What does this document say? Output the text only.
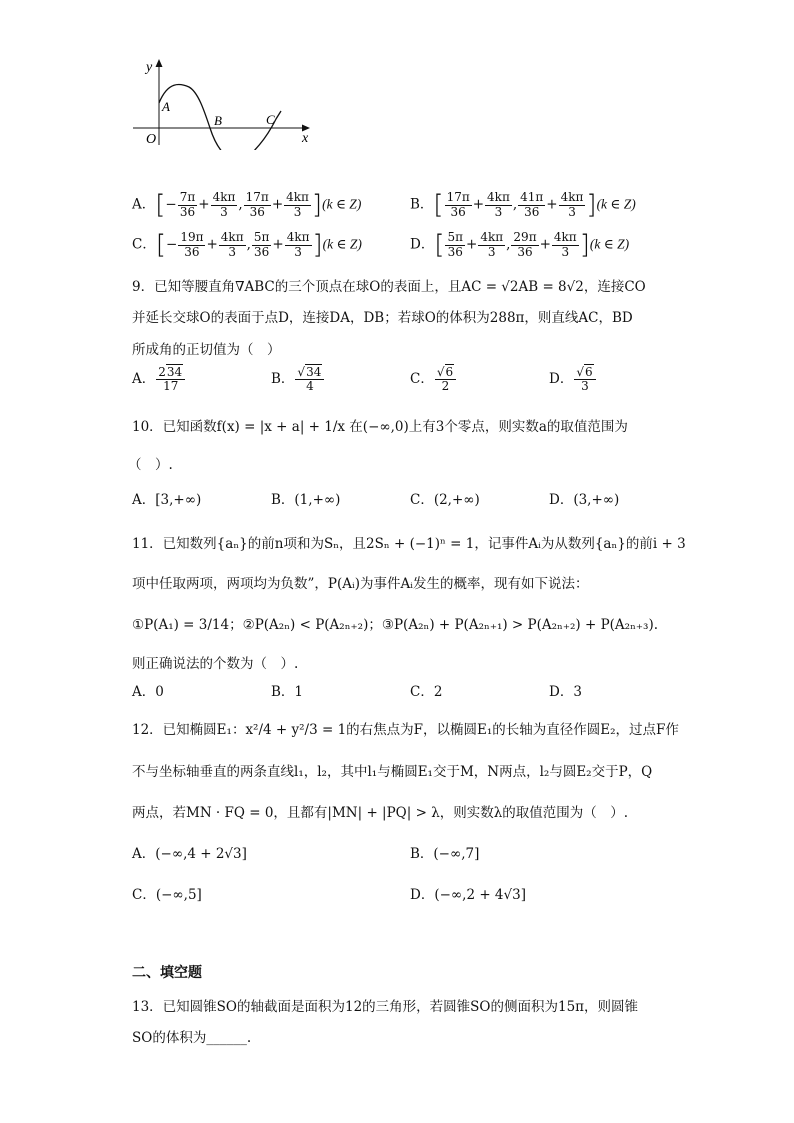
y
x
O
A
B	C
A．[− $\frac{7\pi}{36} + \frac{4k\pi}{3}$ , $\frac{17\pi}{36} + \frac{4k\pi}{3} ](k$ ∈ Z)	B．[ $\frac{17\pi}{36} + \frac{4k\pi}{3}$ , $\frac{41\pi}{36} + \frac{4k\pi}{3} ](k$ ∈ Z)
C．[− $\frac{19\pi}{36} + \frac{4k\pi}{3}$ , $\frac{5\pi}{36} + \frac{4k\pi}{3} ](k$ ∈ Z)	D．[ $\frac{5\pi}{36} + \frac{4k\pi}{3}$ , $\frac{29\pi}{36} + \frac{4k\pi}{3} ](k$ ∈ Z)
9．已知等腰直角∇ABC的三个顶点在球O的表面上，且AC = √2AB = 8√2，连接CO
并延长交球O的表面于点D，连接DA，DB；若球O的体积为288π，则直线AC，BD
所成角的正切值为（　）
A． $\frac{234}{17}$	B． $\frac{√34}{4}$	C． $\frac{√6}{2}$	D． $\frac{√6}{3}$
10．已知函数f(x) = |x + a| + 1/x 在(−∞,0)上有3个零点，则实数a的取值范围为
（　）.
A．[3,+∞)	B．(1,+∞)	C．(2,+∞)	D．(3,+∞)
11．已知数列{aₙ}的前n项和为Sₙ，且2Sₙ + (−1)ⁿ = 1，记事件Aᵢ为从数列{aₙ}的前i + 3
项中任取两项，两项均为负数”，P(Aᵢ)为事件Aᵢ发生的概率，现有如下说法：
①P(A₁) = 3/14；②P(A₂ₙ) < P(A₂ₙ₊₂)；③P(A₂ₙ) + P(A₂ₙ₊₁) > P(A₂ₙ₊₂) + P(A₂ₙ₊₃).
则正确说法的个数为（　）.
A．0	B．1	C．2	D．3
12．已知椭圆E₁：x²/4 + y²/3 = 1的右焦点为F，以椭圆E₁的长轴为直径作圆E₂，过点F作
不与坐标轴垂直的两条直线l₁，l₂，其中l₁与椭圆E₁交于M，N两点，l₂与圆E₂交于P，Q
两点，若MN · FQ = 0，且都有|MN| + |PQ| > λ，则实数λ的取值范围为（　）.
A．(−∞,4 + 2√3]	B．(−∞,7]
C．(−∞,5]	D．(−∞,2 + 4√3]
二、填空题
13．已知圆锥SO的轴截面是面积为12的三角形，若圆锥SO的侧面积为15π，则圆锥
SO的体积为______.
